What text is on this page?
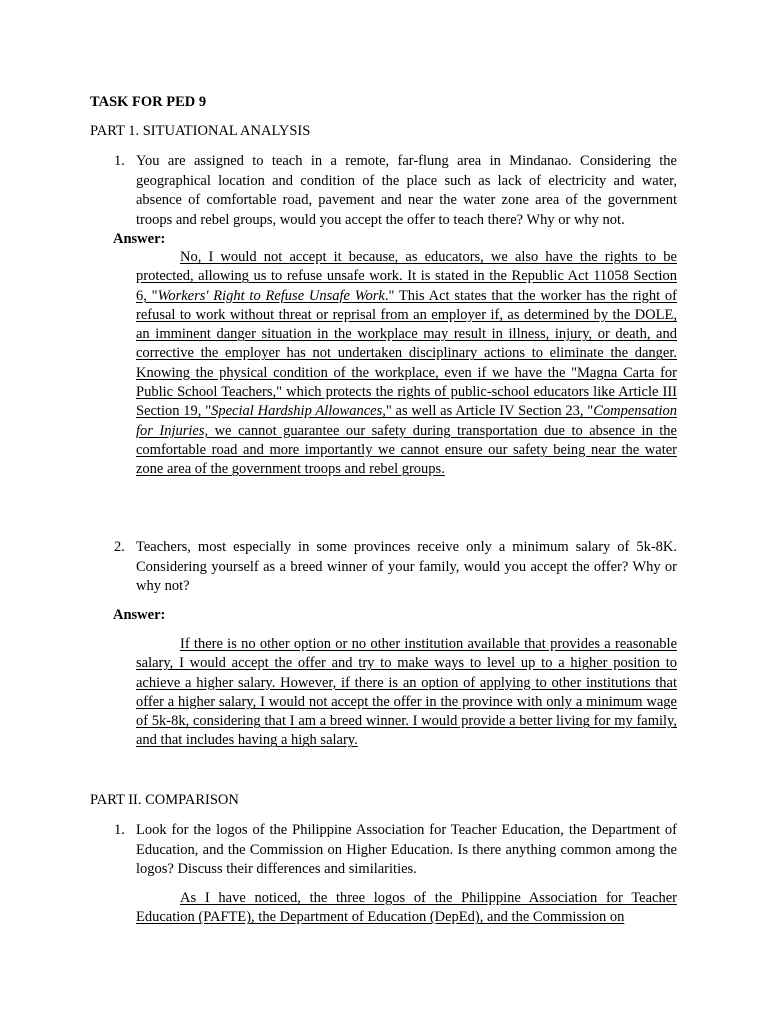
TASK FOR PED 9
PART 1. SITUATIONAL ANALYSIS
1. You are assigned to teach in a remote, far-flung area in Mindanao. Considering the geographical location and condition of the place such as lack of electricity and water, absence of comfortable road, pavement and near the water zone area of the government troops and rebel groups, would you accept the offer to teach there? Why or why not.
Answer:
No, I would not accept it because, as educators, we also have the rights to be protected, allowing us to refuse unsafe work. It is stated in the Republic Act 11058 Section 6, "Workers' Right to Refuse Unsafe Work." This Act states that the worker has the right of refusal to work without threat or reprisal from an employer if, as determined by the DOLE, an imminent danger situation in the workplace may result in illness, injury, or death, and corrective the employer has not undertaken disciplinary actions to eliminate the danger. Knowing the physical condition of the workplace, even if we have the "Magna Carta for Public School Teachers," which protects the rights of public-school educators like Article III Section 19, "Special Hardship Allowances," as well as Article IV Section 23, "Compensation for Injuries, we cannot guarantee our safety during transportation due to absence in the comfortable road and more importantly we cannot ensure our safety being near the water zone area of the government troops and rebel groups.
2. Teachers, most especially in some provinces receive only a minimum salary of 5k-8K. Considering yourself as a breed winner of your family, would you accept the offer? Why or why not?
Answer:
If there is no other option or no other institution available that provides a reasonable salary, I would accept the offer and try to make ways to level up to a higher position to achieve a higher salary. However, if there is an option of applying to other institutions that offer a higher salary, I would not accept the offer in the province with only a minimum wage of 5k-8k, considering that I am a breed winner. I would provide a better living for my family, and that includes having a high salary.
PART II. COMPARISON
1. Look for the logos of the Philippine Association for Teacher Education, the Department of Education, and the Commission on Higher Education. Is there anything common among the logos? Discuss their differences and similarities.
As I have noticed, the three logos of the Philippine Association for Teacher Education (PAFTE), the Department of Education (DepEd), and the Commission on
